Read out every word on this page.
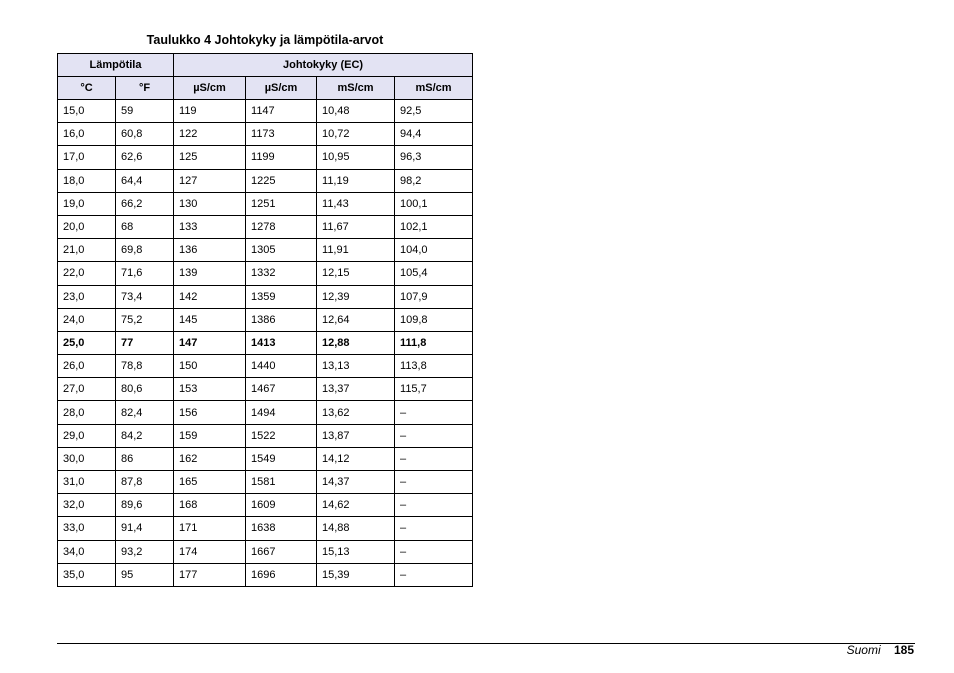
Taulukko 4 Johtokyky ja lämpötila-arvot
Lämpötila		Johtokyky (EC)			
°C	°F	µS/cm	µS/cm	mS/cm	mS/cm
15,0	59	119	1147	10,48	92,5
16,0	60,8	122	1173	10,72	94,4
17,0	62,6	125	1199	10,95	96,3
18,0	64,4	127	1225	11,19	98,2
19,0	66,2	130	1251	11,43	100,1
20,0	68	133	1278	11,67	102,1
21,0	69,8	136	1305	11,91	104,0
22,0	71,6	139	1332	12,15	105,4
23,0	73,4	142	1359	12,39	107,9
24,0	75,2	145	1386	12,64	109,8
25,0	77	147	1413	12,88	111,8
26,0	78,8	150	1440	13,13	113,8
27,0	80,6	153	1467	13,37	115,7
28,0	82,4	156	1494	13,62	–
29,0	84,2	159	1522	13,87	–
30,0	86	162	1549	14,12	–
31,0	87,8	165	1581	14,37	–
32,0	89,6	168	1609	14,62	–
33,0	91,4	171	1638	14,88	–
34,0	93,2	174	1667	15,13	–
35,0	95	177	1696	15,39	–
Suomi 185
